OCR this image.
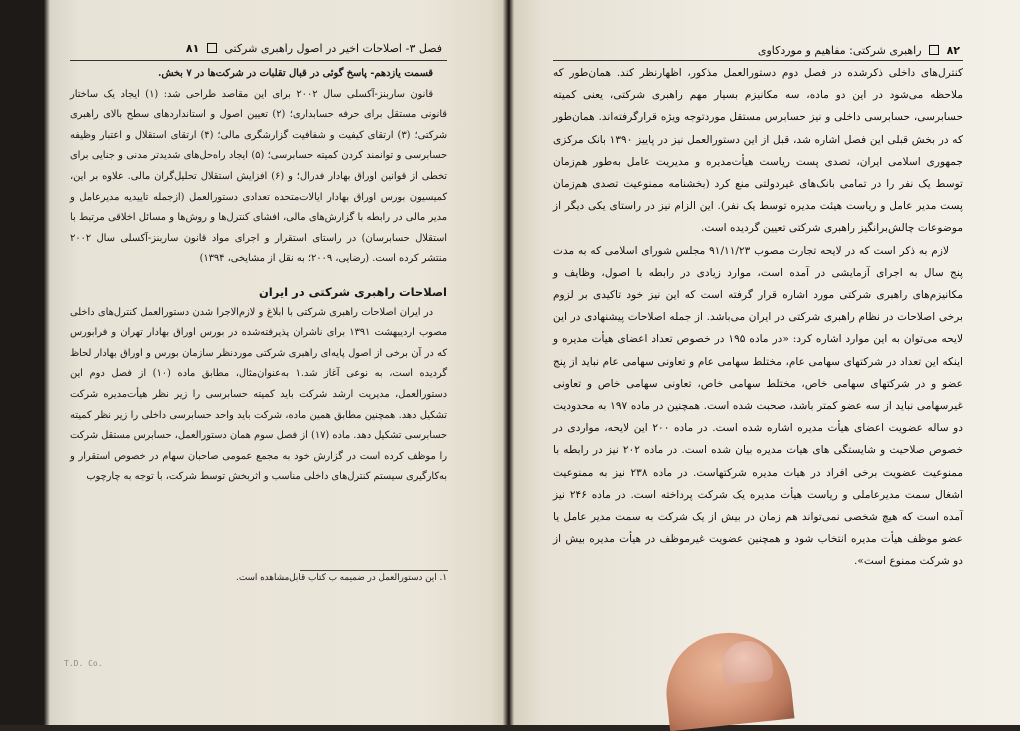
فصل ۳- اصلاحات اخیر در اصول راهبری شرکتی  ۸۱

قسمت یازدهم- پاسخ گوئی در قبال تقلبات در شرکت‌ها در ۷ بخش.

قانون ساربنز-آکسلی سال ۲۰۰۲ برای این مقاصد طراحی شد: (۱) ایجاد یک ساختار قانونی مستقل برای حرفه حسابداری؛ (۲) تعیین اصول و استانداردهای سطح بالای راهبری شرکتی؛ (۳) ارتقای کیفیت و شفافیت گزارشگری مالی؛ (۴) ارتقای استقلال و اعتبار وظیفه حسابرسی و توانمند کردن کمیته حسابرسی؛ (۵) ایجاد راه‌حل‌های شدیدتر مدنی و جنایی برای تخطی از قوانین اوراق بهادار فدرال؛ و (۶) افزایش استقلال تحلیل‌گران مالی. علاوه بر این، کمیسیون بورس اوراق بهادار ایالات‌متحده تعدادی دستورالعمل (ازجمله تاییدیه مدیرعامل و مدیر مالی در رابطه با گزارش‌های مالی، افشای کنترل‌ها و روش‌ها و مسائل اخلاقی مرتبط با استقلال حسابرسان) در راستای استقرار و اجرای مواد قانون ساربنز-آکسلی سال ۲۰۰۲ منتشر کرده است. (رضایی، ۲۰۰۹؛ به نقل از مشایخی، ۱۳۹۴)

اصلاحات راهبری شرکتی در ایران

در ایران اصلاحات راهبری شرکتی با ابلاغ و لازم‌الاجرا شدن دستورالعمل کنترل‌های داخلی مصوب اردیبهشت ۱۳۹۱ برای ناشران پذیرفته‌شده در بورس اوراق بهادار تهران و فرابورس که در آن برخی از اصول پایه‌ای راهبری شرکتی موردنظر سازمان بورس و اوراق بهادار لحاظ گردیده است، به نوعی آغاز شد.۱ به‌عنوان‌مثال، مطابق ماده (۱۰) از فصل دوم این دستورالعمل، مدیریت ارشد شرکت باید کمیته حسابرسی را زیر نظر هیأت‌مدیره شرکت تشکیل دهد. همچنین مطابق همین ماده، شرکت باید واحد حسابرسی داخلی را زیر نظر کمیته حسابرسی تشکیل دهد. ماده (۱۷) از فصل سوم همان دستورالعمل، حسابرس مستقل شرکت را موظف کرده است در گزارش خود به مجمع عمومی صاحبان سهام در خصوص استقرار و به‌کارگیری سیستم کنترل‌های داخلی مناسب و اثربخش توسط شرکت، با توجه به چارچوب

۱. این دستورالعمل در ضمیمه ب کتاب قابل‌مشاهده است.
T.D. Co.
۸۲  راهبری شرکتی: مفاهیم و موردکاوی

کنترل‌های داخلی ذکرشده در فصل دوم دستورالعمل مذکور، اظهارنظر کند. همان‌طور که ملاحظه می‌شود در این دو ماده، سه مکانیزم بسیار مهم راهبری شرکتی، یعنی کمیته حسابرسی، حسابرسی داخلی و نیز حسابرس مستقل موردتوجه ویژه قرارگرفته‌اند. همان‌طور که در بخش قبلی این فصل اشاره شد، قبل از این دستورالعمل نیز در پاییز ۱۳۹۰ بانک مرکزی جمهوری اسلامی ایران، تصدی پست ریاست هیأت‌مدیره و مدیریت عامل به‌طور هم‌زمان توسط یک نفر را در تمامی بانک‌های غیردولتی منع کرد (بخشنامه ممنوعیت تصدی هم‌زمان پست مدیر عامل و ریاست هیئت مدیره توسط یک نفر). این الزام نیز در راستای یکی دیگر از موضوعات چالش‌برانگیز راهبری شرکتی تعیین گردیده است.

لازم به ذکر است که در لایحه تجارت مصوب ۹۱/۱۱/۲۳ مجلس شورای اسلامی که به مدت پنج سال به اجرای آزمایشی در آمده است، موارد زیادی در رابطه با اصول، وظایف و مکانیزم‌های راهبری شرکتی مورد اشاره قرار گرفته است که این نیز خود تاکیدی بر لزوم برخی اصلاحات در نظام راهبری شرکتی در ایران می‌باشد. از جمله اصلاحات پیشنهادی در این لایحه می‌توان به این موارد اشاره کرد: «در ماده ۱۹۵ در خصوص تعداد اعضای هیأت مدیره و اینکه این تعداد در شرکتهای سهامی عام، مختلط سهامی عام و تعاونی سهامی عام نباید از پنج عضو و در شرکتهای سهامی خاص، مختلط سهامی خاص، تعاونی سهامی خاص و تعاونی غیرسهامی نباید از سه عضو کمتر باشد، صحبت شده است. همچنین در ماده ۱۹۷ به محدودیت دو ساله عضویت اعضای هیأت مدیره اشاره شده است. در ماده ۲۰۰ این لایحه، مواردی در خصوص صلاحیت و شایستگی های هیات مدیره بیان شده است. در ماده ۲۰۲ نیز در رابطه با ممنوعیت عضویت برخی افراد در هیات مدیره شرکتهاست. در ماده ۲۳۸ نیز به ممنوعیت اشغال سمت مدیرعاملی و ریاست هیأت مدیره یک شرکت پرداخته است. در ماده ۲۴۶ نیز آمده است که هیچ شخصی نمی‌تواند هم زمان در بیش از یک شرکت به سمت مدیر عامل یا عضو موظف هیأت مدیره انتخاب شود و همچنین عضویت غیرموظف در هیأت مدیره بیش از دو شرکت ممنوع است».
